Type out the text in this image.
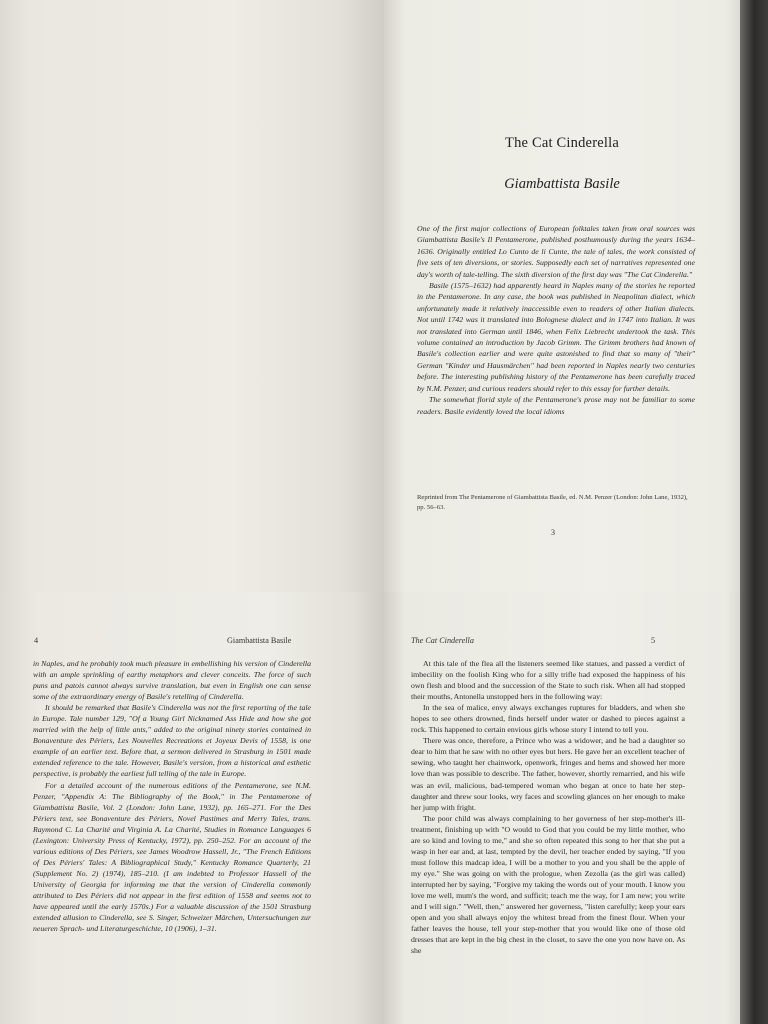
The Cat Cinderella
Giambattista Basile

One of the first major collections of European folktales taken from oral sources was Giambattista Basile's Il Pentamerone, published posthumously during the years 1634–1636. Originally entitled Lo Cunto de li Cunte, the tale of tales, the work consisted of five sets of ten diversions, or stories. Supposedly each set of narratives represented one day's worth of tale-telling. The sixth diversion of the first day was "The Cat Cinderella."

Basile (1575–1632) had apparently heard in Naples many of the stories he reported in the Pentamerone. In any case, the book was published in Neapolitan dialect, which unfortunately made it relatively inaccessible even to readers of other Italian dialects. Not until 1742 was it translated into Bolognese dialect and in 1747 into Italian. It was not translated into German until 1846, when Felix Liebrecht undertook the task. This volume contained an introduction by Jacob Grimm. The Grimm brothers had known of Basile's collection earlier and were quite astonished to find that so many of "their" German "Kinder und Hausmärchen" had been reported in Naples nearly two centuries before. The interesting publishing history of the Pentamerone has been carefully traced by N.M. Penzer, and curious readers should refer to this essay for further details.

The somewhat florid style of the Pentamerone's prose may not be familiar to some readers. Basile evidently loved the local idioms

Reprinted from The Pentamerone of Giambattista Basile, ed. N.M. Penzer (London: John Lane, 1932), pp. 56–63.
3
4	Giambattista Basile

in Naples, and he probably took much pleasure in embellishing his version of Cinderella with an ample sprinkling of earthy metaphors and clever conceits. The force of such puns and patois cannot always survive translation, but even in English one can sense some of the extraordinary energy of Basile's retelling of Cinderella.

It should be remarked that Basile's Cinderella was not the first reporting of the tale in Europe. Tale number 129, "Of a Young Girl Nicknamed Ass Hide and how she got married with the help of little ants," added to the original ninety stories contained in Bonaventure des Périers, Les Nouvelles Recreations et Joyeux Devis of 1558, is one example of an earlier text. Before that, a sermon delivered in Strasburg in 1501 made extended reference to the tale. However, Basile's version, from a historical and esthetic perspective, is probably the earliest full telling of the tale in Europe.

For a detailed account of the numerous editions of the Pentamerone, see N.M. Penzer, "Appendix A: The Bibliography of the Book," in The Pentamerone of Giambattista Basile, Vol. 2 (London: John Lane, 1932), pp. 165–271. For the Des Périers text, see Bonaventure des Périers, Novel Pastimes and Merry Tales, trans. Raymond C. La Charité and Virginia A. La Charité, Studies in Romance Languages 6 (Lexington: University Press of Kentucky, 1972), pp. 250–252. For an account of the various editions of Des Périers, see James Woodrow Hassell, Jr., "The French Editions of Des Périers' Tales: A Bibliographical Study," Kentucky Romance Quarterly, 21 (Supplement No. 2) (1974), 185–210. (I am indebted to Professor Hassell of the University of Georgia for informing me that the version of Cinderella commonly attributed to Des Périers did not appear in the first edition of 1558 and seems not to have appeared until the early 1570s.) For a valuable discussion of the 1501 Strasburg extended allusion to Cinderella, see S. Singer, Schweizer Märchen, Untersuchungen zur neueren Sprach- und Literaturgeschichte, 10 (1906), 1–31.

The Cat Cinderella	5

At this tale of the flea all the listeners seemed like statues, and passed a verdict of imbecility on the foolish King who for a silly trifle had exposed the happiness of his own flesh and blood and the succession of the State to such risk. When all had stopped their mouths, Antonella unstopped hers in the following way:

In the sea of malice, envy always exchanges ruptures for bladders, and when she hopes to see others drowned, finds herself under water or dashed to pieces against a rock. This happened to certain envious girls whose story I intend to tell you.

There was once, therefore, a Prince who was a widower, and he had a daughter so dear to him that he saw with no other eyes but hers. He gave her an excellent teacher of sewing, who taught her chainwork, openwork, fringes and hems and showed her more love than was possible to describe. The father, however, shortly remarried, and his wife was an evil, malicious, bad-tempered woman who began at once to hate her step-daughter and threw sour looks, wry faces and scowling glances on her enough to make her jump with fright.

The poor child was always complaining to her governess of her step-mother's ill-treatment, finishing up with "O would to God that you could be my little mother, who are so kind and loving to me," and she so often repeated this song to her that she put a wasp in her ear and, at last, tempted by the devil, her teacher ended by saying, "If you must follow this madcap idea, I will be a mother to you and you shall be the apple of my eye." She was going on with the prologue, when Zezolla (as the girl was called) interrupted her by saying, "Forgive my taking the words out of your mouth. I know you love me well, mum's the word, and sufficit; teach me the way, for I am new; you write and I will sign." "Well, then," answered her governess, "listen carefully; keep your ears open and you shall always enjoy the whitest bread from the finest flour. When your father leaves the house, tell your step-mother that you would like one of those old dresses that are kept in the big chest in the closet, to save the one you now have on. As she
